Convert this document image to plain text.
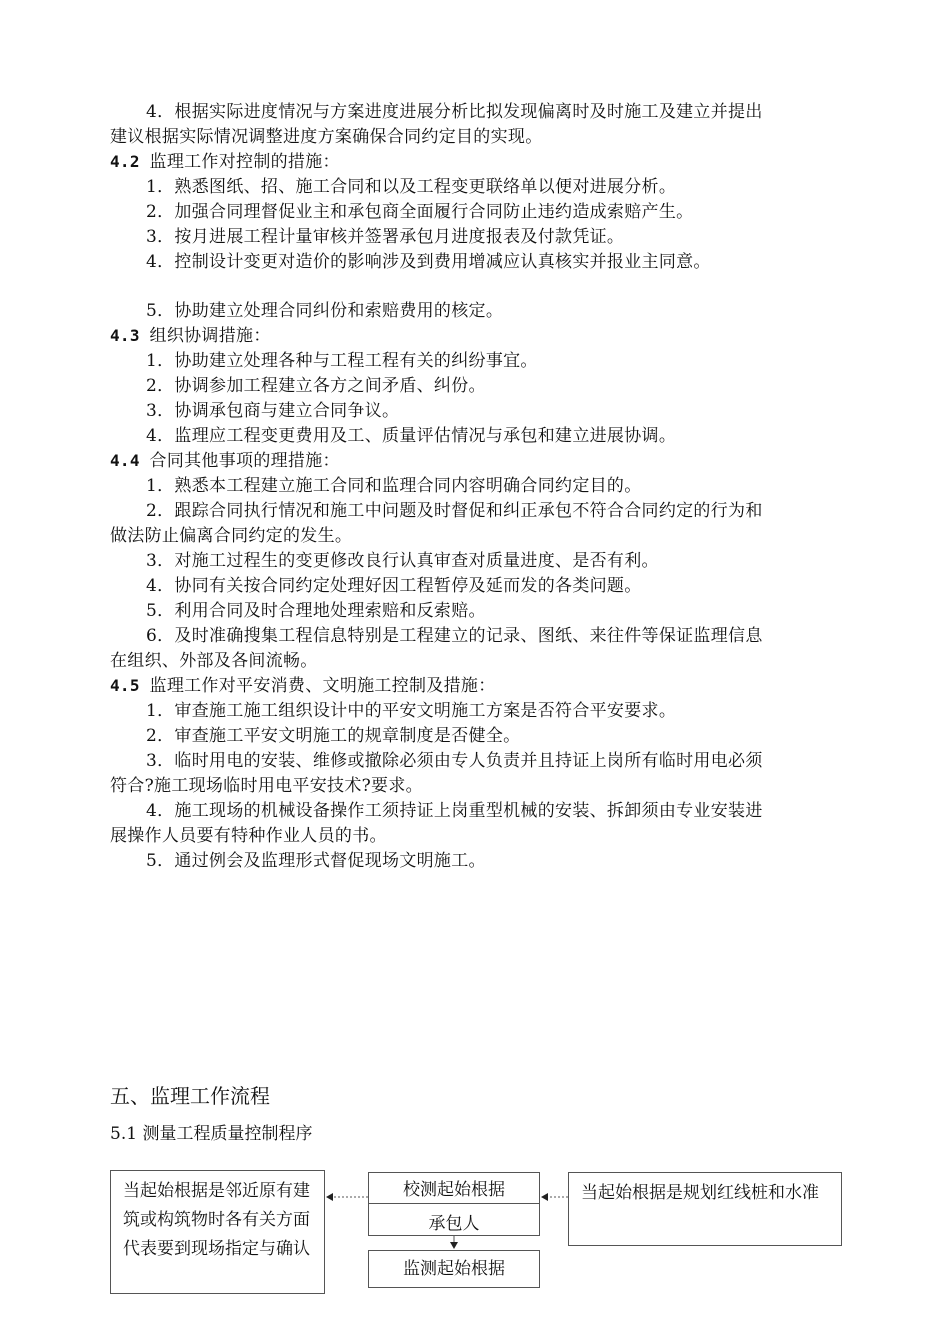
4．根据实际进度情况与方案进度进展分析比拟发现偏离时及时施工及建立并提出
建议根据实际情况调整进度方案确保合同约定目的实现。
4.2 监理工作对控制的措施：
1．熟悉图纸、招、施工合同和以及工程变更联络单以便对进展分析。
2．加强合同理督促业主和承包商全面履行合同防止违约造成索赔产生。
3．按月进展工程计量审核并签署承包月进度报表及付款凭证。
4．控制设计变更对造价的影响涉及到费用增减应认真核实并报业主同意。
5．协助建立处理合同纠份和索赔费用的核定。
4.3 组织协调措施：
1．协助建立处理各种与工程工程有关的纠纷事宜。
2．协调参加工程建立各方之间矛盾、纠份。
3．协调承包商与建立合同争议。
4．监理应工程变更费用及工、质量评估情况与承包和建立进展协调。
4.4 合同其他事项的理措施：
1．熟悉本工程建立施工合同和监理合同内容明确合同约定目的。
2．跟踪合同执行情况和施工中问题及时督促和纠正承包不符合合同约定的行为和
做法防止偏离合同约定的发生。
3．对施工过程生的变更修改良行认真审查对质量进度、是否有利。
4．协同有关按合同约定处理好因工程暂停及延而发的各类问题。
5．利用合同及时合理地处理索赔和反索赔。
6．及时准确搜集工程信息特别是工程建立的记录、图纸、来往件等保证监理信息
在组织、外部及各间流畅。
4.5 监理工作对平安消费、文明施工控制及措施：
1．审查施工施工组织设计中的平安文明施工方案是否符合平安要求。
2．审查施工平安文明施工的规章制度是否健全。
3．临时用电的安装、维修或撤除必须由专人负责并且持证上岗所有临时用电必须
符合?施工现场临时用电平安技术?要求。
4．施工现场的机械设备操作工须持证上岗重型机械的安装、拆卸须由专业安装进
展操作人员要有特种作业人员的书。
5．通过例会及监理形式督促现场文明施工。
五、监理工作流程
5.1 测量工程质量控制程序
当起始根据是邻近原有建筑或构筑物时各有关方面代表要到现场指定与确认
校测起始根据
承包人
监测起始根据
当起始根据是规划红线桩和水准
